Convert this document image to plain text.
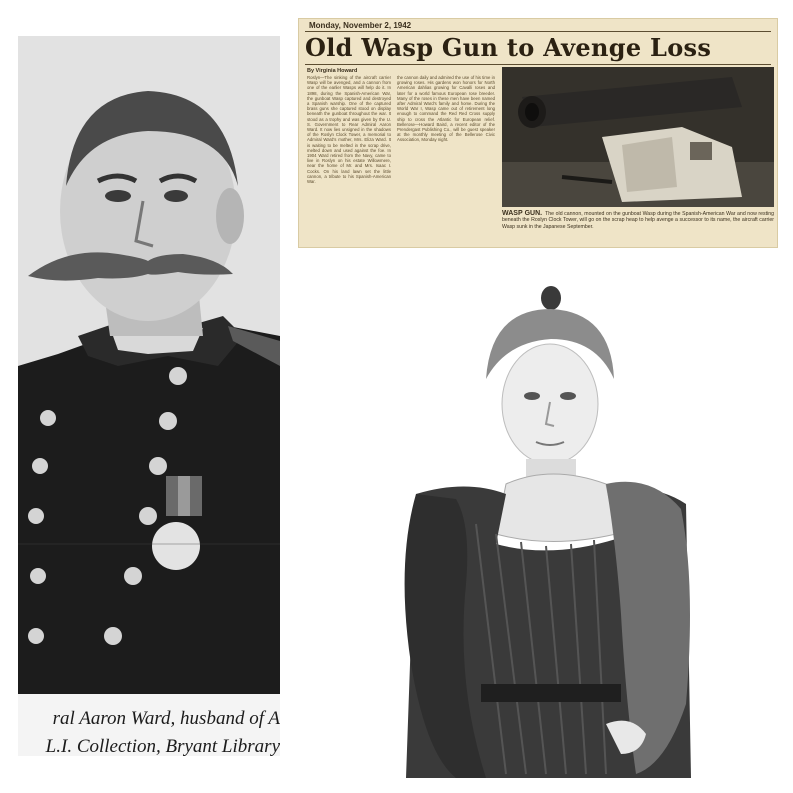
ral Aaron Ward, husband of A
L.I. Collection, Bryant Library
Monday, November 2, 1942
Old Wasp Gun to Avenge Loss
By Virginia Howard
Roslyn—The sinking of the aircraft carrier Wasp will be avenged, and a cannon from one of the earlier Wasps will help do it. In 1898, during the Spanish-American War, the gunboat Wasp captured and destroyed a Spanish warship. One of the captured brass guns she captured stood on display beneath the gunboat throughout the war. It stood as a trophy and was given by the U. S. Government to Rear Admiral Aaron Ward. It now lies unsigned in the shadows of the Roslyn Clock Tower, a memorial to Admiral Ward's mother, Mrs. Eliza Ward. It is waiting to be melted in the scrap drive, melted down and used against the foe. In 1904 Ward retired from the Navy, came to live in Roslyn on his estate Willowmere, near the home of Mr. and Mrs. Isaac I. Cocks. On his land lawn set the little cannon, a tribute to his Spanish-American War.
the cannon daily and admired the use of his time in growing roses. His gardens won honors for North American dahlias growing for Cavalli roses and later for a world famous European rose breeder. Many of the roses in these men have been named after Admiral Ward's family and home. During the World War I, Wasp came out of retirement long enough to command the Red Red Cross supply ship to cross the Atlantic for European relief. Bellerose—Howard Baird, a recent editor of the Prendergast Publishing Co., will be guest speaker at the monthly meeting of the Bellerose Civic Association, Monday night.
WASP GUN. The old cannon, mounted on the gunboat Wasp during the Spanish-American War and now resting beneath the Roslyn Clock Tower, will go on the scrap heap to help avenge a successor to its name, the aircraft carrier Wasp sunk in the Japanese September.
